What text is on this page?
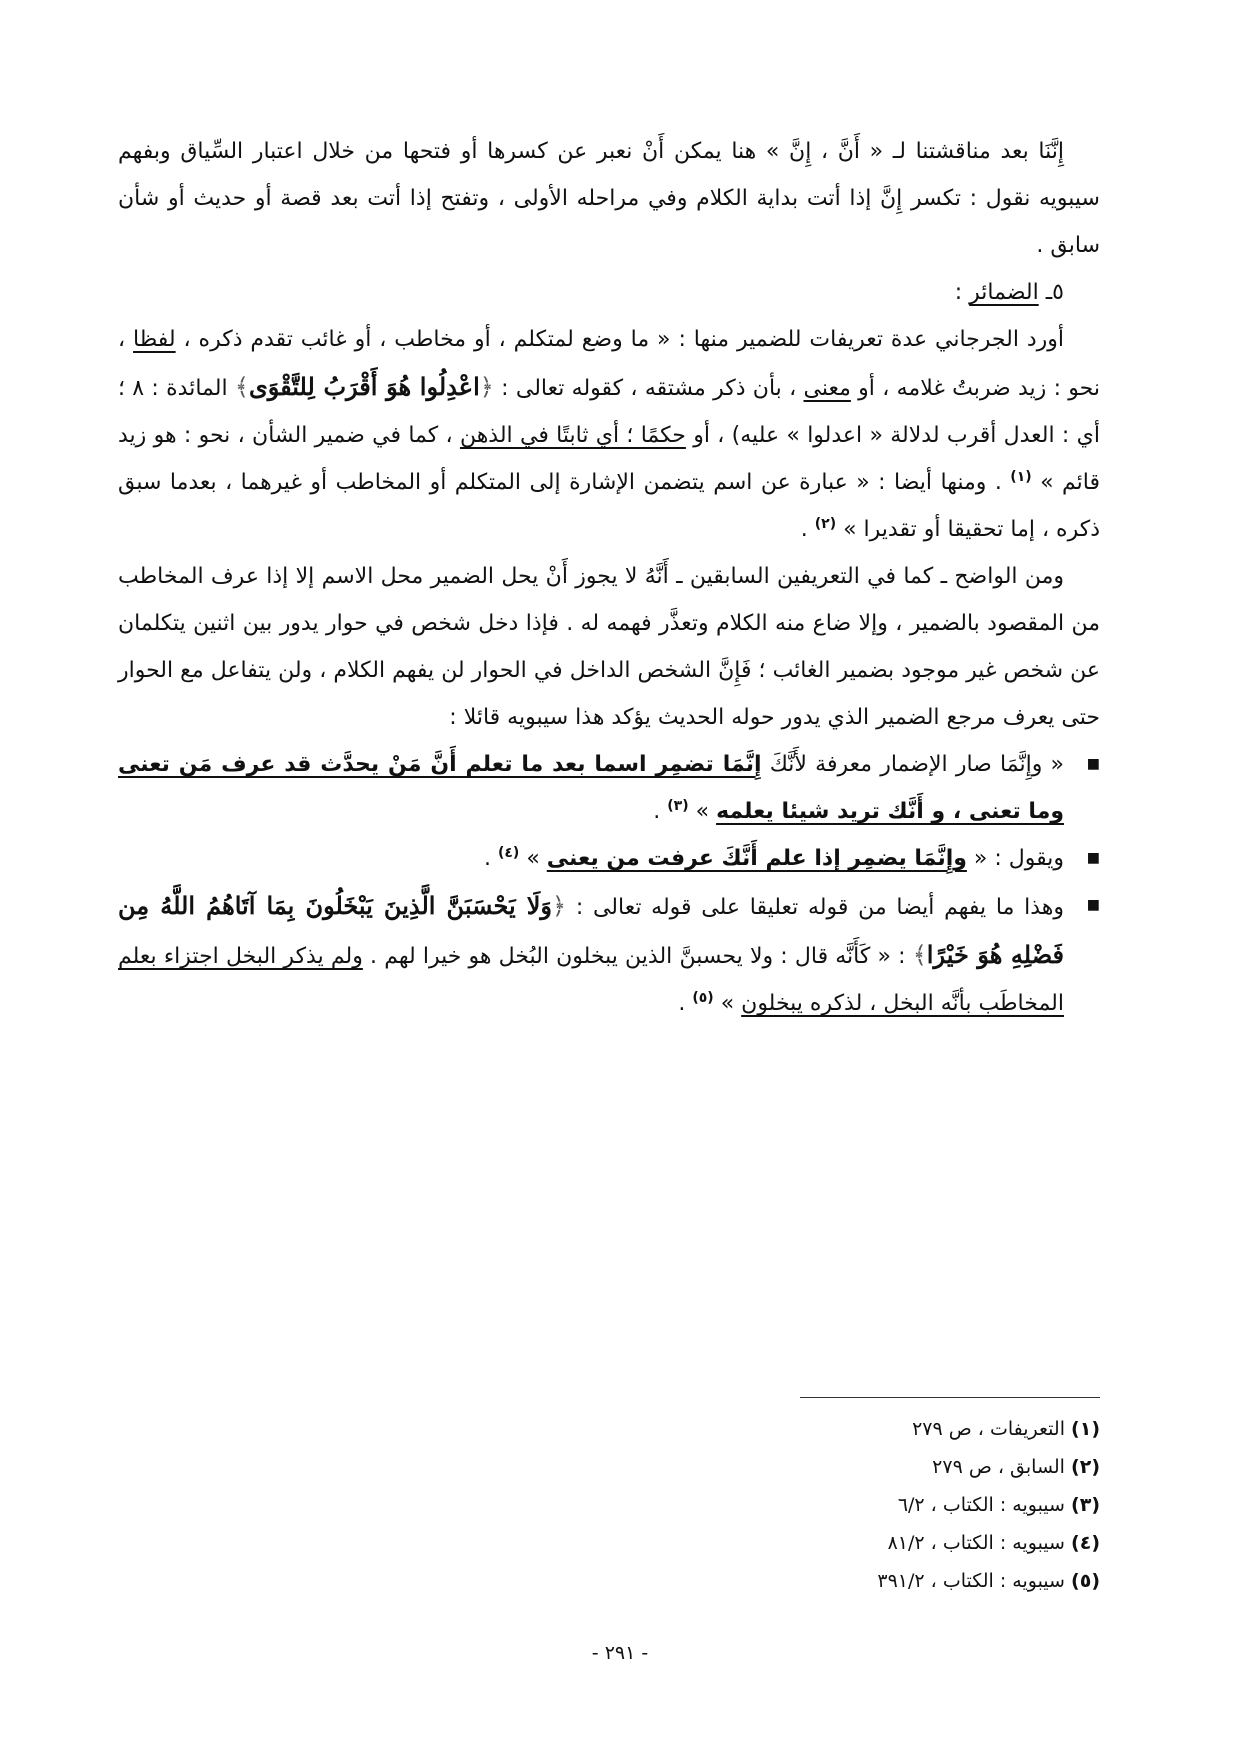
إِنَّنَا بعد مناقشتنا لـ « أَنَّ ، إِنَّ » هنا يمكن أَنْ نعبر عن كسرها أو فتحها من خلال اعتبار السِّياق وبفهم سيبويه نقول : تكسر إِنَّ إذا أتت بداية الكلام وفي مراحله الأولى ، وتفتح إذا أتت بعد قصة أو حديث أو شأن سابق .

٥ـ الضمائر :

أورد الجرجاني عدة تعريفات للضمير منها : « ما وضع لمتكلم ، أو مخاطب ، أو غائب تقدم ذكره ، لفظا ، نحو : زيد ضربتُ غلامه ، أو معنى ، بأن ذكر مشتقه ، كقوله تعالى : ﴿اعْدِلُوا هُوَ أَقْرَبُ لِلتَّقْوَى﴾ المائدة : ٨ ؛ أي : العدل أقرب لدلالة « اعدلوا » عليه) ، أو حكمًا ؛ أي ثابتًا في الذهن ، كما في ضمير الشأن ، نحو : هو زيد قائم » $^{(١)}$ . ومنها أيضا : « عبارة عن اسم يتضمن الإشارة إلى المتكلم أو المخاطب أو غيرهما ، بعدما سبق ذكره ، إما تحقيقا أو تقديرا » $^{(٢)}$ .

ومن الواضح ـ كما في التعريفين السابقين ـ أَنَّهُ لا يجوز أَنْ يحل الضمير محل الاسم إلا إذا عرف المخاطب من المقصود بالضمير ، وإلا ضاع منه الكلام وتعذَّر فهمه له . فإذا دخل شخص في حوار يدور بين اثنين يتكلمان عن شخص غير موجود بضمير الغائب ؛ فَإِنَّ الشخص الداخل في الحوار لن يفهم الكلام ، ولن يتفاعل مع الحوار حتى يعرف مرجع الضمير الذي يدور حوله الحديث يؤكد هذا سيبويه قائلا :

■ « وإِنَّمَا صار الإضمار معرفة لأَنَّكَ إِنَّمَا تضمِر اسما بعد ما تعلم أَنَّ مَنْ يحدَّث قد عرف مَن تعنى وما تعنى ، و أَنَّك تريد شيئا يعلمه » $^{(٣)}$ .
■ ويقول : « وإِنَّمَا يضمِر إذا علم أَنَّكَ عرفت من يعنى » $^{(٤)}$ .
■ وهذا ما يفهم أيضا من قوله تعليقا على قوله تعالى : ﴿وَلَا يَحْسَبَنَّ الَّذِينَ يَبْخَلُونَ بِمَا آتَاهُمُ اللَّهُ مِن فَضْلِهِ هُوَ خَيْرًا﴾ : « كَأَنَّه قال : ولا يحسبنَّ الذين يبخلون البُخل هو خيرا لهم . ولم يذكر البخل اجتزاء بعلم المخاطَب بأنَّه البخل ، لذكره يبخلون » $^{(٥)}$ .

(١) التعريفات ، ص ٢٧٩

(٢) السابق ، ص ٢٧٩

(٣) سيبويه : الكتاب ، ٦/٢

(٤) سيبويه : الكتاب ، ٨١/٢

(٥) سيبويه : الكتاب ، ٣٩١/٢

- ٢٩١ -
